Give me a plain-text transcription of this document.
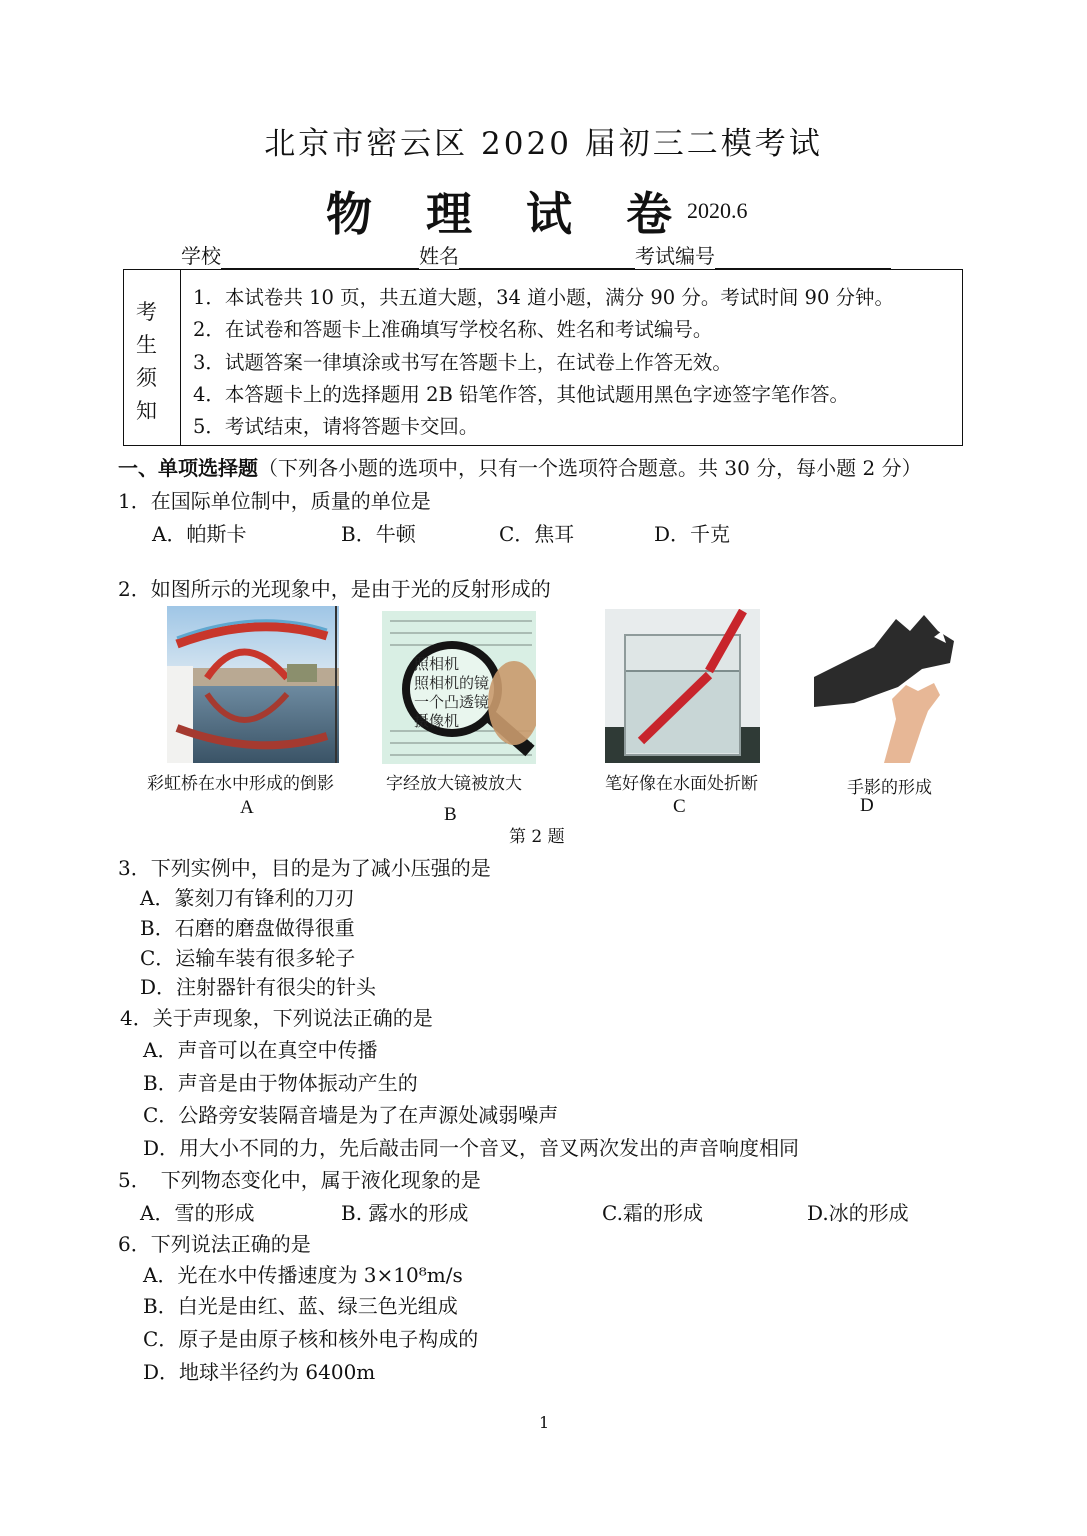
北京市密云区 2020 届初三二模考试
物 理 试 卷 2020.6
学校	姓名	考试编号
考
生
须
知
1．本试卷共 10 页，共五道大题，34 道小题，满分 90 分。考试时间 90 分钟。
2．在试卷和答题卡上准确填写学校名称、姓名和考试编号。
3．试题答案一律填涂或书写在答题卡上，在试卷上作答无效。
4．本答题卡上的选择题用 2B 铅笔作答，其他试题用黑色字迹签字笔作答。
5．考试结束，请将答题卡交回。
一、单项选择题（下列各小题的选项中，只有一个选项符合题意。共 30 分，每小题 2 分）
1．在国际单位制中，质量的单位是
A．帕斯卡	B．牛顿	C．焦耳	D．千克
2．如图所示的光现象中，是由于光的反射形成的
彩虹桥在水中形成的倒影
A
照相机
照相机的镜
一个凸透镜
摄像机
字经放大镜被放大
B
笔好像在水面处折断
C
手影的形成
D
第 2 题
3．下列实例中，目的是为了减小压强的是
A．篆刻刀有锋利的刀刃
B．石磨的磨盘做得很重
C．运输车装有很多轮子
D．注射器针有很尖的针头
4．关于声现象，下列说法正确的是
A．声音可以在真空中传播
B．声音是由于物体振动产生的
C．公路旁安装隔音墙是为了在声源处减弱噪声
D．用大小不同的力，先后敲击同一个音叉，音叉两次发出的声音响度相同
5．　下列物态变化中，属于液化现象的是
A．雪的形成	B. 露水的形成	C.霜的形成	D.冰的形成
6．下列说法正确的是
A．光在水中传播速度为 3×10⁸m/s
B．白光是由红、蓝、绿三色光组成
C．原子是由原子核和核外电子构成的
D．地球半径约为 6400m
1
